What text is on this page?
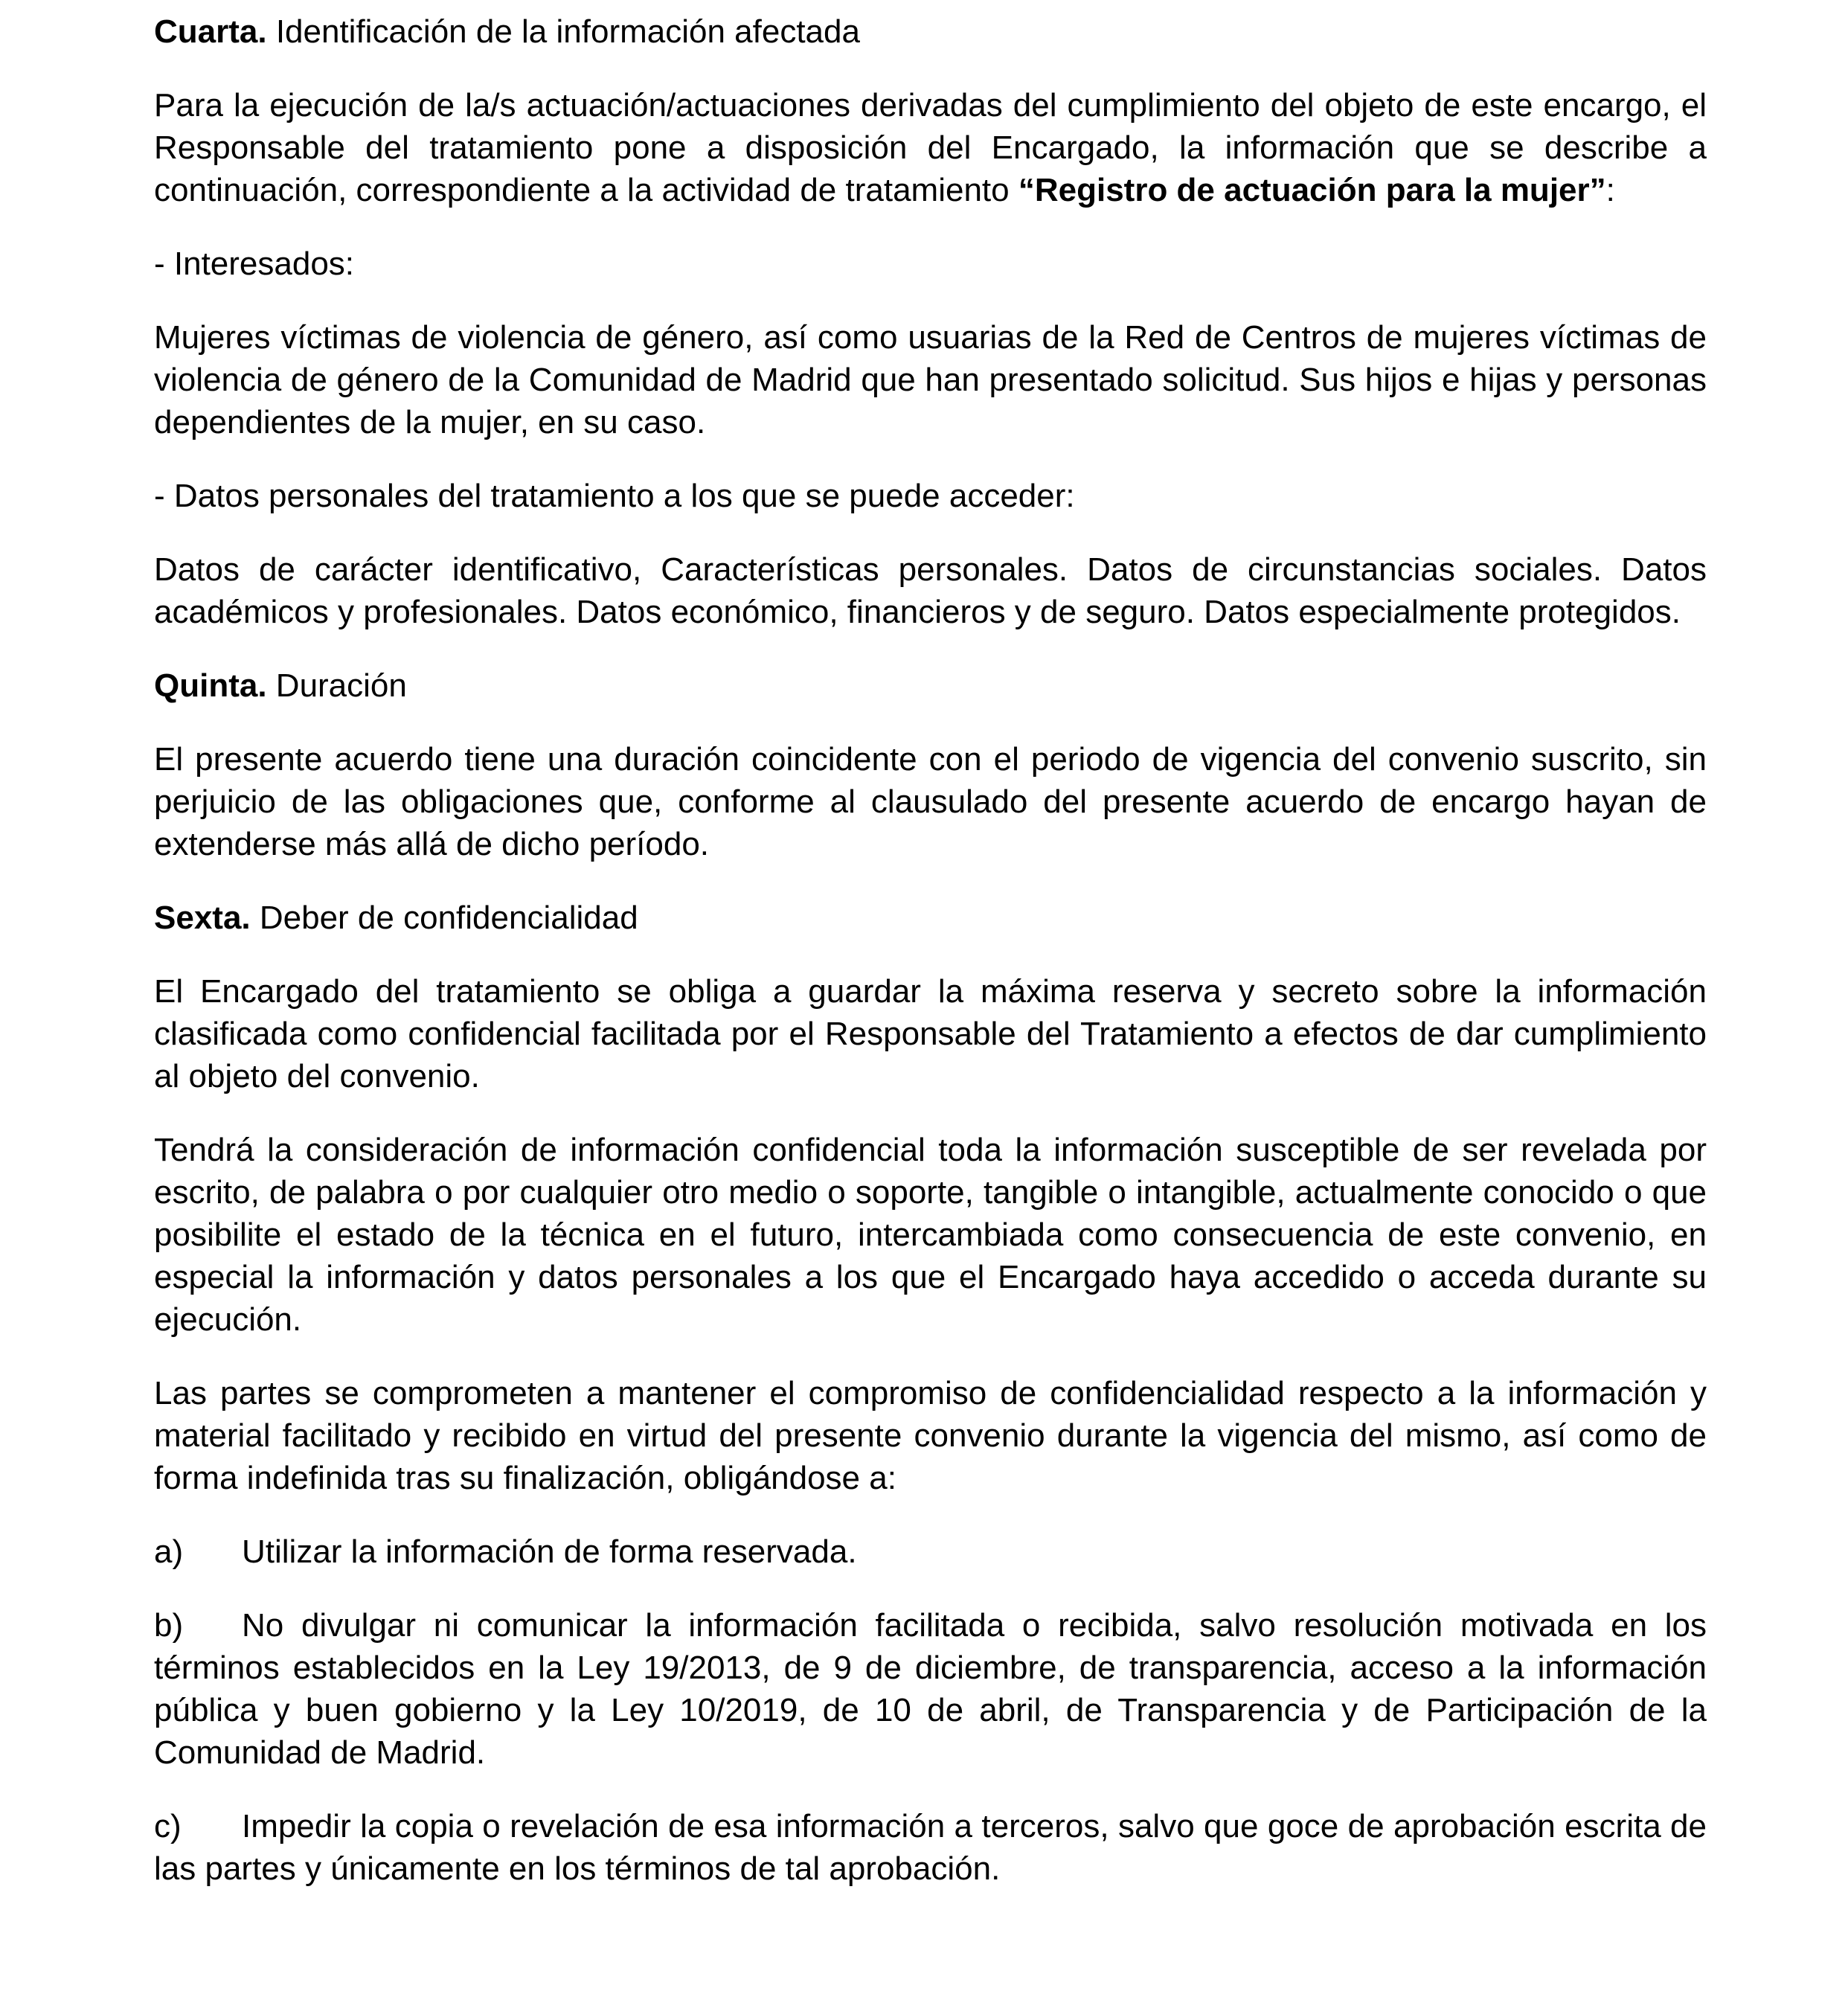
Cuarta. Identificación de la información afectada

Para la ejecución de la/s actuación/actuaciones derivadas del cumplimiento del objeto de este encargo, el Responsable del tratamiento pone a disposición del Encargado, la información que se describe a continuación, correspondiente a la actividad de tratamiento “Registro de actuación para la mujer”:

- Interesados:

Mujeres víctimas de violencia de género, así como usuarias de la Red de Centros de mujeres víctimas de violencia de género de la Comunidad de Madrid que han presentado solicitud. Sus hijos e hijas y personas dependientes de la mujer, en su caso.

- Datos personales del tratamiento a los que se puede acceder:

Datos de carácter identificativo, Características personales. Datos de circunstancias sociales. Datos académicos y profesionales. Datos económico, financieros y de seguro. Datos especialmente protegidos.

Quinta. Duración

El presente acuerdo tiene una duración coincidente con el periodo de vigencia del convenio suscrito, sin perjuicio de las obligaciones que, conforme al clausulado del presente acuerdo de encargo hayan de extenderse más allá de dicho período.

Sexta. Deber de confidencialidad

El Encargado del tratamiento se obliga a guardar la máxima reserva y secreto sobre la información clasificada como confidencial facilitada por el Responsable del Tratamiento a efectos de dar cumplimiento al objeto del convenio.

Tendrá la consideración de información confidencial toda la información susceptible de ser revelada por escrito, de palabra o por cualquier otro medio o soporte, tangible o intangible, actualmente conocido o que posibilite el estado de la técnica en el futuro, intercambiada como consecuencia de este convenio, en especial la información y datos personales a los que el Encargado haya accedido o acceda durante su ejecución.

Las partes se comprometen a mantener el compromiso de confidencialidad respecto a la información y material facilitado y recibido en virtud del presente convenio durante la vigencia del mismo, así como de forma indefinida tras su finalización, obligándose a:

a) Utilizar la información de forma reservada.

b) No divulgar ni comunicar la información facilitada o recibida, salvo resolución motivada en los términos establecidos en la Ley 19/2013, de 9 de diciembre, de transparencia, acceso a la información pública y buen gobierno y la Ley 10/2019, de 10 de abril, de Transparencia y de Participación de la Comunidad de Madrid.

c) Impedir la copia o revelación de esa información a terceros, salvo que goce de aprobación escrita de las partes y únicamente en los términos de tal aprobación.
